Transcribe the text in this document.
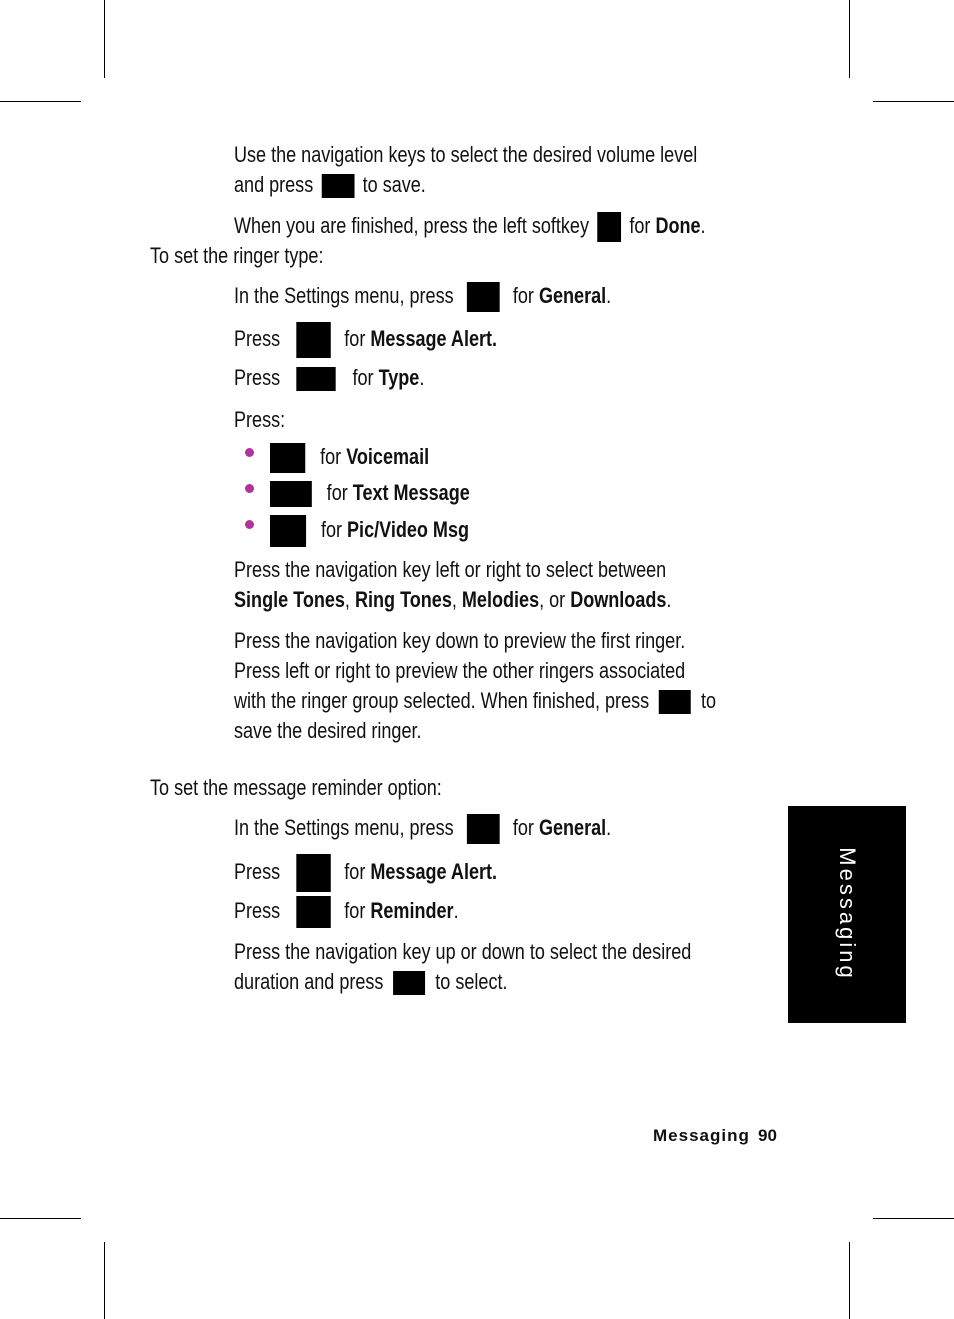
Use the navigation keys to select the desired volume level
and press to save.
When you are finished, press the left softkey for Done.
To set the ringer type:
In the Settings menu, press	for General.
Press	for Message Alert.
Press	for Type.
Press:
for Voicemail
for Text Message
for Pic/Video Msg
Press the navigation key left or right to select between
Single Tones, Ring Tones, Melodies, or Downloads.
Press the navigation key down to preview the first ringer.
Press left or right to preview the other ringers associated
with the ringer group selected. When finished, press to
save the desired ringer.
To set the message reminder option:
In the Settings menu, press	for General.
Press	for Message Alert.
Press	for Reminder.
Press the navigation key up or down to select the desired
duration and press to select.
Messaging
Messaging 90
